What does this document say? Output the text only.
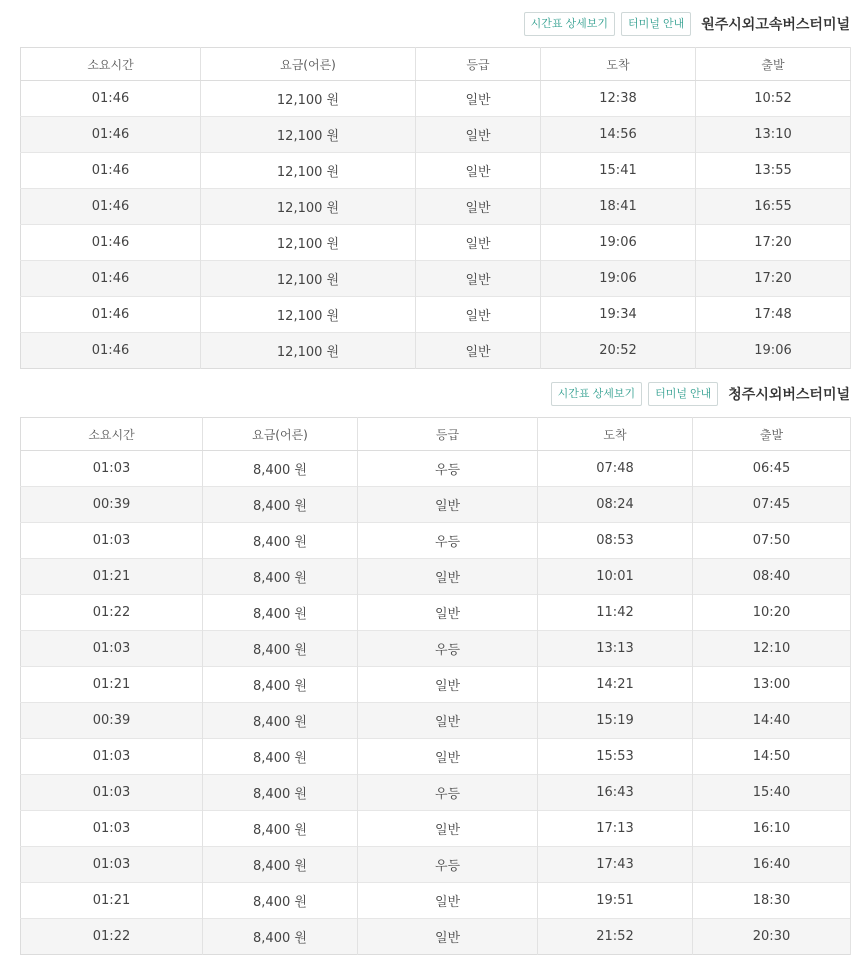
시간표 상세보기	터미널 안내	원주시외고속버스터미널
소요시간	요금(어른)	등급	도착	출발
01:46	12,100 원	일반	12:38	10:52
01:46	12,100 원	일반	14:56	13:10
01:46	12,100 원	일반	15:41	13:55
01:46	12,100 원	일반	18:41	16:55
01:46	12,100 원	일반	19:06	17:20
01:46	12,100 원	일반	19:06	17:20
01:46	12,100 원	일반	19:34	17:48
01:46	12,100 원	일반	20:52	19:06
시간표 상세보기	터미널 안내	청주시외버스터미널
소요시간	요금(어른)	등급	도착	출발
01:03	8,400 원	우등	07:48	06:45
00:39	8,400 원	일반	08:24	07:45
01:03	8,400 원	우등	08:53	07:50
01:21	8,400 원	일반	10:01	08:40
01:22	8,400 원	일반	11:42	10:20
01:03	8,400 원	우등	13:13	12:10
01:21	8,400 원	일반	14:21	13:00
00:39	8,400 원	일반	15:19	14:40
01:03	8,400 원	일반	15:53	14:50
01:03	8,400 원	우등	16:43	15:40
01:03	8,400 원	일반	17:13	16:10
01:03	8,400 원	우등	17:43	16:40
01:21	8,400 원	일반	19:51	18:30
01:22	8,400 원	일반	21:52	20:30
